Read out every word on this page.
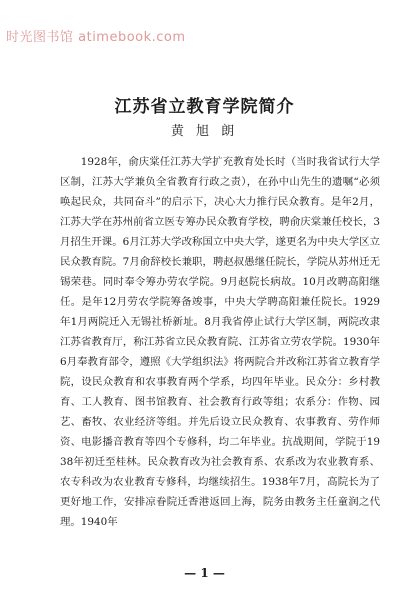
时光图书馆 atimebook.com
江苏省立教育学院简介
黄 旭 朗

1928年，俞庆棠任江苏大学扩充教育处长时（当时我省试行大学区制，江苏大学兼负全省教育行政之责），在孙中山先生的遗嘱“必须唤起民众，共同奋斗”的启示下，决心大力推行民众教育。是年2月，江苏大学在苏州前省立医专筹办民众教育学校，聘俞庆棠兼任校长，3月招生开课。6月江苏大学改称国立中央大学，遂更名为中央大学区立民众教育院。7月俞辞校长兼职，聘赵叔愚继任院长，学院从苏州迁无锡荣巷。同时奉令筹办劳农学院。9月赵院长病故。10月改聘高阳继任。是年12月劳农学院筹备竣事，中央大学聘高阳兼任院长。1929年1月两院迁入无锡社桥新址。8月我省停止试行大学区制，两院改隶江苏省教育厅，称江苏省立民众教育院、江苏省立劳农学院。1930年6月奉教育部令，遵照《大学组织法》将两院合并改称江苏省立教育学院，设民众教育和农事教育两个学系，均四年毕业。民众分：乡村教育、工人教育、图书馆教育、社会教育行政等组；农系分：作物、园艺、畜牧、农业经济等组。并先后设立民众教育、农事教育、劳作师资、电影播音教育等四个专修科，均二年毕业。抗战期间，学院于1938年初迁至桂林。民众教育改为社会教育系、农系改为农业教育系、农专科改为农业教育专修科，均继续招生。1938年7月，高院长为了更好地工作，安排凉眷院迁香港返回上海，院务由教务主任童润之代理。1940年

— 1 —
